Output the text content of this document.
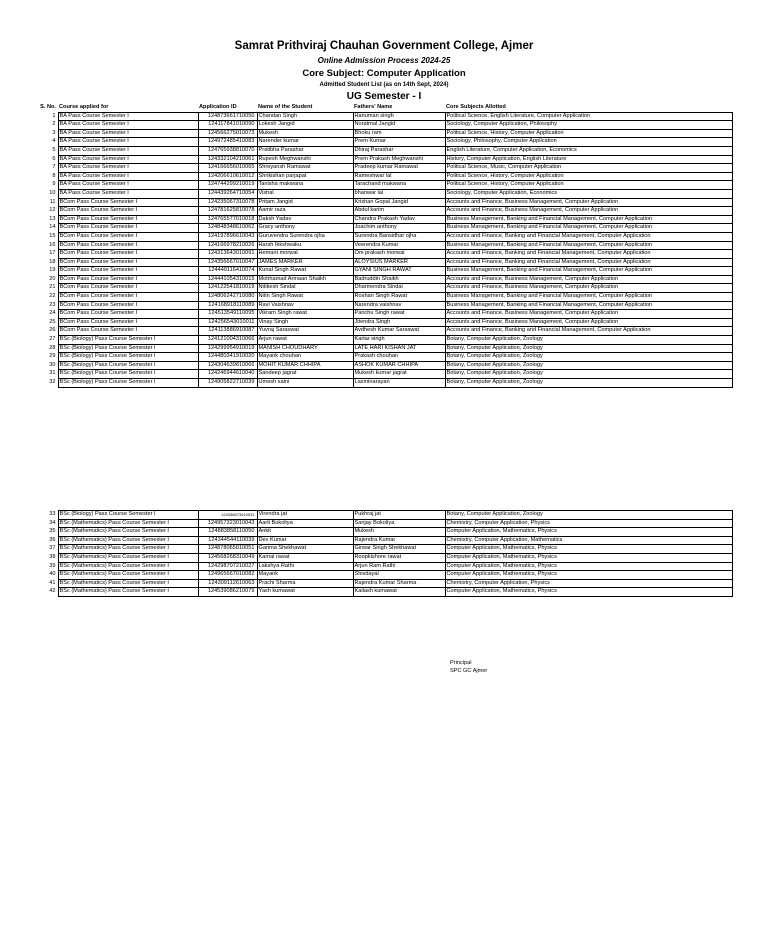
Samrat Prithviraj Chauhan Government College, Ajmer
Online Admission Process 2024-25
Core Subject: Computer Application
Admitted Student List (as on 14th Sept, 2024)
UG Semester - I
S. No.	Course applied for	Application ID	Name of the Student	Fathers' Name	Core Subjects Allotted
1	BA Pass Course Semester I	124873661710050	Chandan Singh	Hanuman singh	Political Science, English Literature, Computer Application
2	BA Pass Course Semester I	124117841010090	Lokesh Jangid	Noratmal Jangid	Sociology, Computer Application, Philosophy
3	BA Pass Course Semester I	124566275010073	Mukesh	Bhoku ram	Political Science, History, Computer Application
4	BA Pass Course Semester I	124972485410083	Narender kumar	Prem Kumar	Sociology, Philosophy, Computer Application
5	BA Pass Course Semester I	124765938810070	Pratibha Parashar	Dhiraj Parashar	English Literature, Computer Application, Economics
6	BA Pass Course Semester I	124332104210061	Rupesh Meghwanshi	Prem Prakash Meghwanshi	History, Computer Application, English Literature
7	BA Pass Course Semester I	124166656010065	Shreyansh Ramawat	Pradeep kumar Ramawat	Political Science, Music, Computer Application
8	BA Pass Course Semester I	124206610610012	Shrikishan parjapat	Rameshwar lal	Political Science, History, Computer Application
9	BA Pass Course Semester I	124744299210019	Tanisha makwana	Tarachand makwana	Political Science, History, Computer Application
10	BA Pass Course Semester I	124439264710054	Vishal	bhanwar lal	Sociology, Computer Application, Economics
11	BCom Pass Course Semester I	124235067310078	Pritam Jangid	Krishan Gopal Jangid	Accounts and Finance, Business Management, Computer Application
12	BCom Pass Course Semester I	124781625810078	Aamir raza	Abdul karim	Accounts and Finance, Business Management, Computer Application
13	BCom Pass Course Semester I	124765577010018	Daksh Yadav	Chandra Prakash Yadav	Business Management, Banking and Financial Management, Computer Application
14	BCom Pass Course Semester I	124848348610062	Gracy anthony	Joachim anthony	Business Management, Banking and Financial Management, Computer Application
15	BCom Pass Course Semester I	124197896610043	Guruvendra Surendra ojha	Surendra Bansidhar ojha	Accounts and Finance, Banking and Financial Management, Computer Application
16	BCom Pass Course Semester I	124166978210026	Harsh Ikkshwaku	Veerendra Kumar	Business Management, Banking and Financial Management, Computer Application
17	BCom Pass Course Semester I	124313643010091	Hemant morwal	Om prakash morwal	Accounts and Finance, Banking and Financial Management, Computer Application
18	BCom Pass Course Semester I	124356667010047	JAMES MARKER	ALOYSIUS MARKER	Accounts and Finance, Banking and Financial Management, Computer Application
19	BCom Pass Course Semester I	124449116410074	Kunal Singh Rawat	GYANI SINGH RAWAT	Business Management, Banking and Financial Management, Computer Application
20	BCom Pass Course Semester I	124441054310015	Mohhamad Armaan Shaikh	Badruddin Shaikh	Accounts and Finance, Business Management, Computer Application
21	BCom Pass Course Semester I	124122541810019	Nitikesh Sindal	Dharmendra Sindal	Accounts and Finance, Business Management, Computer Application
22	BCom Pass Course Semester I	124806242710080	Nitin Singh Rawat	Roshan Singh Rawat	Business Management, Banking and Financial Management, Computer Application
23	BCom Pass Course Semester I	124168918110089	Ravi Vaishnav	Narendra vaishnav	Business Management, Banking and Financial Management, Computer Application
24	BCom Pass Course Semester I	124513549110095	Vikram Singh rawat	Panchu Singh rawat	Accounts and Finance, Business Management, Computer Application
25	BCom Pass Course Semester I	124256543010011	Vinay Singh	Jitendra Singh	Accounts and Finance, Business Management, Computer Application
26	BCom Pass Course Semester I	124113886910087	Yuvraj Saraswat	Avdhesh Kumar Saraswat	Accounts and Finance, Banking and Financial Management, Computer Application
27	BSc (Biology) Pass Course Semester I	124121004310066	Arjun rawat	Kartar singh	Botany, Computer Application, Zoology
28	BSc (Biology) Pass Course Semester I	124299954910019	MANISH CHOUDHARY	LATE HARI KISHAN JAT	Botany, Computer Application, Zoology
29	BSc (Biology) Pass Course Semester I	124480341910020	Mayank chouhan	Prakash chouhan	Botany, Computer Application, Zoology
30	BSc (Biology) Pass Course Semester I	124304639810066	MOHIT KUMAR CHHIPA	ASHOK KUMAR CHHIPA	Botany, Computer Application, Zoology
31	BSc (Biology) Pass Course Semester I	124246944610040	Sandeep jagrat	Mukesh kumar jagrat	Botany, Computer Application, Zoology
32	BSc (Biology) Pass Course Semester I	124905822710039	Umesh saini	Laxminarayan	Botany, Computer Application, Zoology
33	BSc (Biology) Pass Course Semester I	124336673010031	Virendra jat	Pukhraj jat	Botany, Computer Application, Zoology
34	BSc (Mathematics) Pass Course Semester I	124957323010043	Aarti Bokoliya	Sanjay Bokoliya	Chemistry, Computer Application, Physics
35	BSc (Mathematics) Pass Course Semester I	124883858110050	Ankit	Mukesh	Computer Application, Mathematics, Physics
36	BSc (Mathematics) Pass Course Semester I	124344544110039	Dev Kumar	Rajendra Kumar	Chemistry, Computer Application, Mathematics
37	BSc (Mathematics) Pass Course Semester I	124878065010051	Garima Shekhawat	Girwar Singh Shekhawat	Computer Application, Mathematics, Physics
38	BSc (Mathematics) Pass Course Semester I	124568268310049	Kamal rawat	Roopkishore rawat	Computer Application, Mathematics, Physics
39	BSc (Mathematics) Pass Course Semester I	124298707210027	Lakshya Rathi	Arjun Ram Rathi	Computer Application, Mathematics, Physics
40	BSc (Mathematics) Pass Course Semester I	124965667010082	Mayank	Shivdayal	Computer Application, Mathematics, Physics
41	BSc (Mathematics) Pass Course Semester I	124309112610063	Prachi Sharma	Rajendra Kumar Sharma	Chemistry, Computer Application, Physics
42	BSc (Mathematics) Pass Course Semester I	124539086210079	Yash kumawat	Kailash kumawat	Computer Application, Mathematics, Physics
Principal
SPC GC Ajmer
